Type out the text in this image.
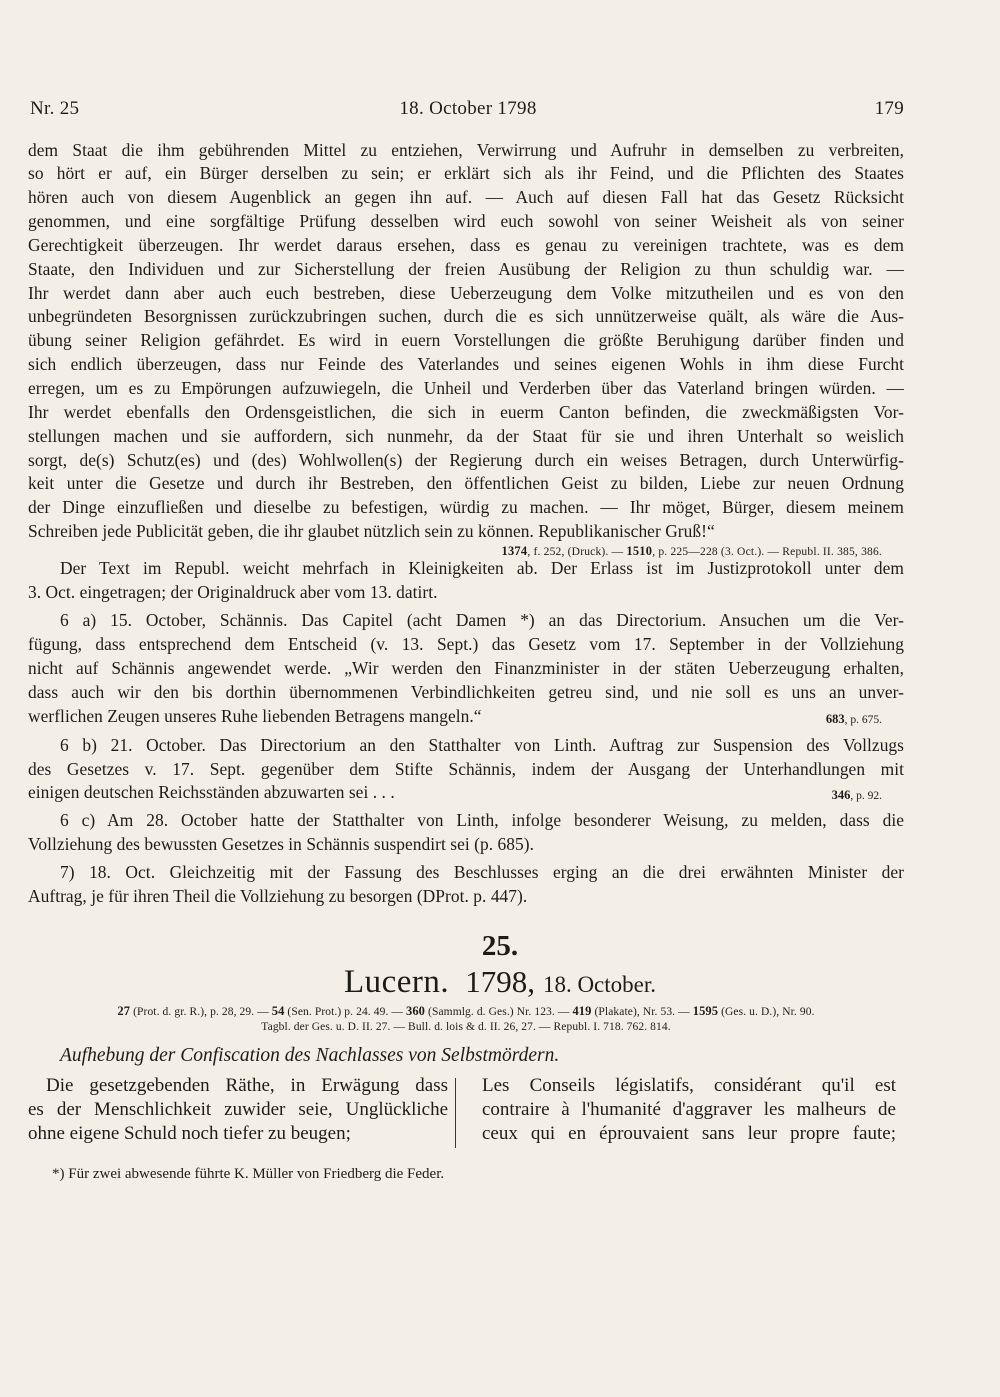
Nr. 25	18. October 1798	179
dem Staat die ihm gebührenden Mittel zu entziehen, Verwirrung und Aufruhr in demselben zu verbreiten,
so hört er auf, ein Bürger derselben zu sein; er erklärt sich als ihr Feind, und die Pflichten des Staates
hören auch von diesem Augenblick an gegen ihn auf. — Auch auf diesen Fall hat das Gesetz Rücksicht
genommen, und eine sorgfältige Prüfung desselben wird euch sowohl von seiner Weisheit als von seiner
Gerechtigkeit überzeugen. Ihr werdet daraus ersehen, dass es genau zu vereinigen trachtete, was es dem
Staate, den Individuen und zur Sicherstellung der freien Ausübung der Religion zu thun schuldig war. —
Ihr werdet dann aber auch euch bestreben, diese Ueberzeugung dem Volke mitzutheilen und es von den
unbegründeten Besorgnissen zurückzubringen suchen, durch die es sich unnützerweise quält, als wäre die Aus-
übung seiner Religion gefährdet. Es wird in euern Vorstellungen die größte Beruhigung darüber finden und
sich endlich überzeugen, dass nur Feinde des Vaterlandes und seines eigenen Wohls in ihm diese Furcht
erregen, um es zu Empörungen aufzuwiegeln, die Unheil und Verderben über das Vaterland bringen würden. —
Ihr werdet ebenfalls den Ordensgeistlichen, die sich in euerm Canton befinden, die zweckmäßigsten Vor-
stellungen machen und sie auffordern, sich nunmehr, da der Staat für sie und ihren Unterhalt so weislich
sorgt, de(s) Schutz(es) und (des) Wohlwollen(s) der Regierung durch ein weises Betragen, durch Unterwürfig-
keit unter die Gesetze und durch ihr Bestreben, den öffentlichen Geist zu bilden, Liebe zur neuen Ordnung
der Dinge einzufließen und dieselbe zu befestigen, würdig zu machen. — Ihr möget, Bürger, diesem meinem
Schreiben jede Publicität geben, die ihr glaubet nützlich sein zu können. Republikanischer Gruß!“
1374, f. 252, (Druck). — 1510, p. 225—228 (3. Oct.). — Republ. II. 385, 386.
Der Text im Republ. weicht mehrfach in Kleinigkeiten ab. Der Erlass ist im Justizprotokoll unter dem
3. Oct. eingetragen; der Originaldruck aber vom 13. datirt.
6 a) 15. October, Schännis. Das Capitel (acht Damen *) an das Directorium. Ansuchen um die Ver-
fügung, dass entsprechend dem Entscheid (v. 13. Sept.) das Gesetz vom 17. September in der Vollziehung
nicht auf Schännis angewendet werde. „Wir werden den Finanzminister in der stäten Ueberzeugung erhalten,
dass auch wir den bis dorthin übernommenen Verbindlichkeiten getreu sind, und nie soll es uns an unver-
werflichen Zeugen unseres Ruhe liebenden Betragens mangeln.“	683, p. 675.
6 b) 21. October. Das Directorium an den Statthalter von Linth. Auftrag zur Suspension des Vollzugs
des Gesetzes v. 17. Sept. gegenüber dem Stifte Schännis, indem der Ausgang der Unterhandlungen mit
einigen deutschen Reichsständen abzuwarten sei . . .	346, p. 92.
6 c) Am 28. October hatte der Statthalter von Linth, infolge besonderer Weisung, zu melden, dass die
Vollziehung des bewussten Gesetzes in Schännis suspendirt sei (p. 685).
7) 18. Oct. Gleichzeitig mit der Fassung des Beschlusses erging an die drei erwähnten Minister der
Auftrag, je für ihren Theil die Vollziehung zu besorgen (DProt. p. 447).
25.
Lucern. 1798, 18. October.
27 (Prot. d. gr. R.), p. 28, 29. — 54 (Sen. Prot.) p. 24. 49. — 360 (Sammlg. d. Ges.) Nr. 123. — 419 (Plakate), Nr. 53. — 1595 (Ges. u. D.), Nr. 90.
Tagbl. der Ges. u. D. II. 27. — Bull. d. lois & d. II. 26, 27. — Republ. I. 718. 762. 814.
Aufhebung der Confiscation des Nachlasses von Selbstmördern.
Die gesetzgebenden Räthe, in Erwägung dass
es der Menschlichkeit zuwider seie, Unglückliche
ohne eigene Schuld noch tiefer zu beugen;
Les Conseils législatifs, considérant qu'il est
contraire à l'humanité d'aggraver les malheurs de
ceux qui en éprouvaient sans leur propre faute;
*) Für zwei abwesende führte K. Müller von Friedberg die Feder.
